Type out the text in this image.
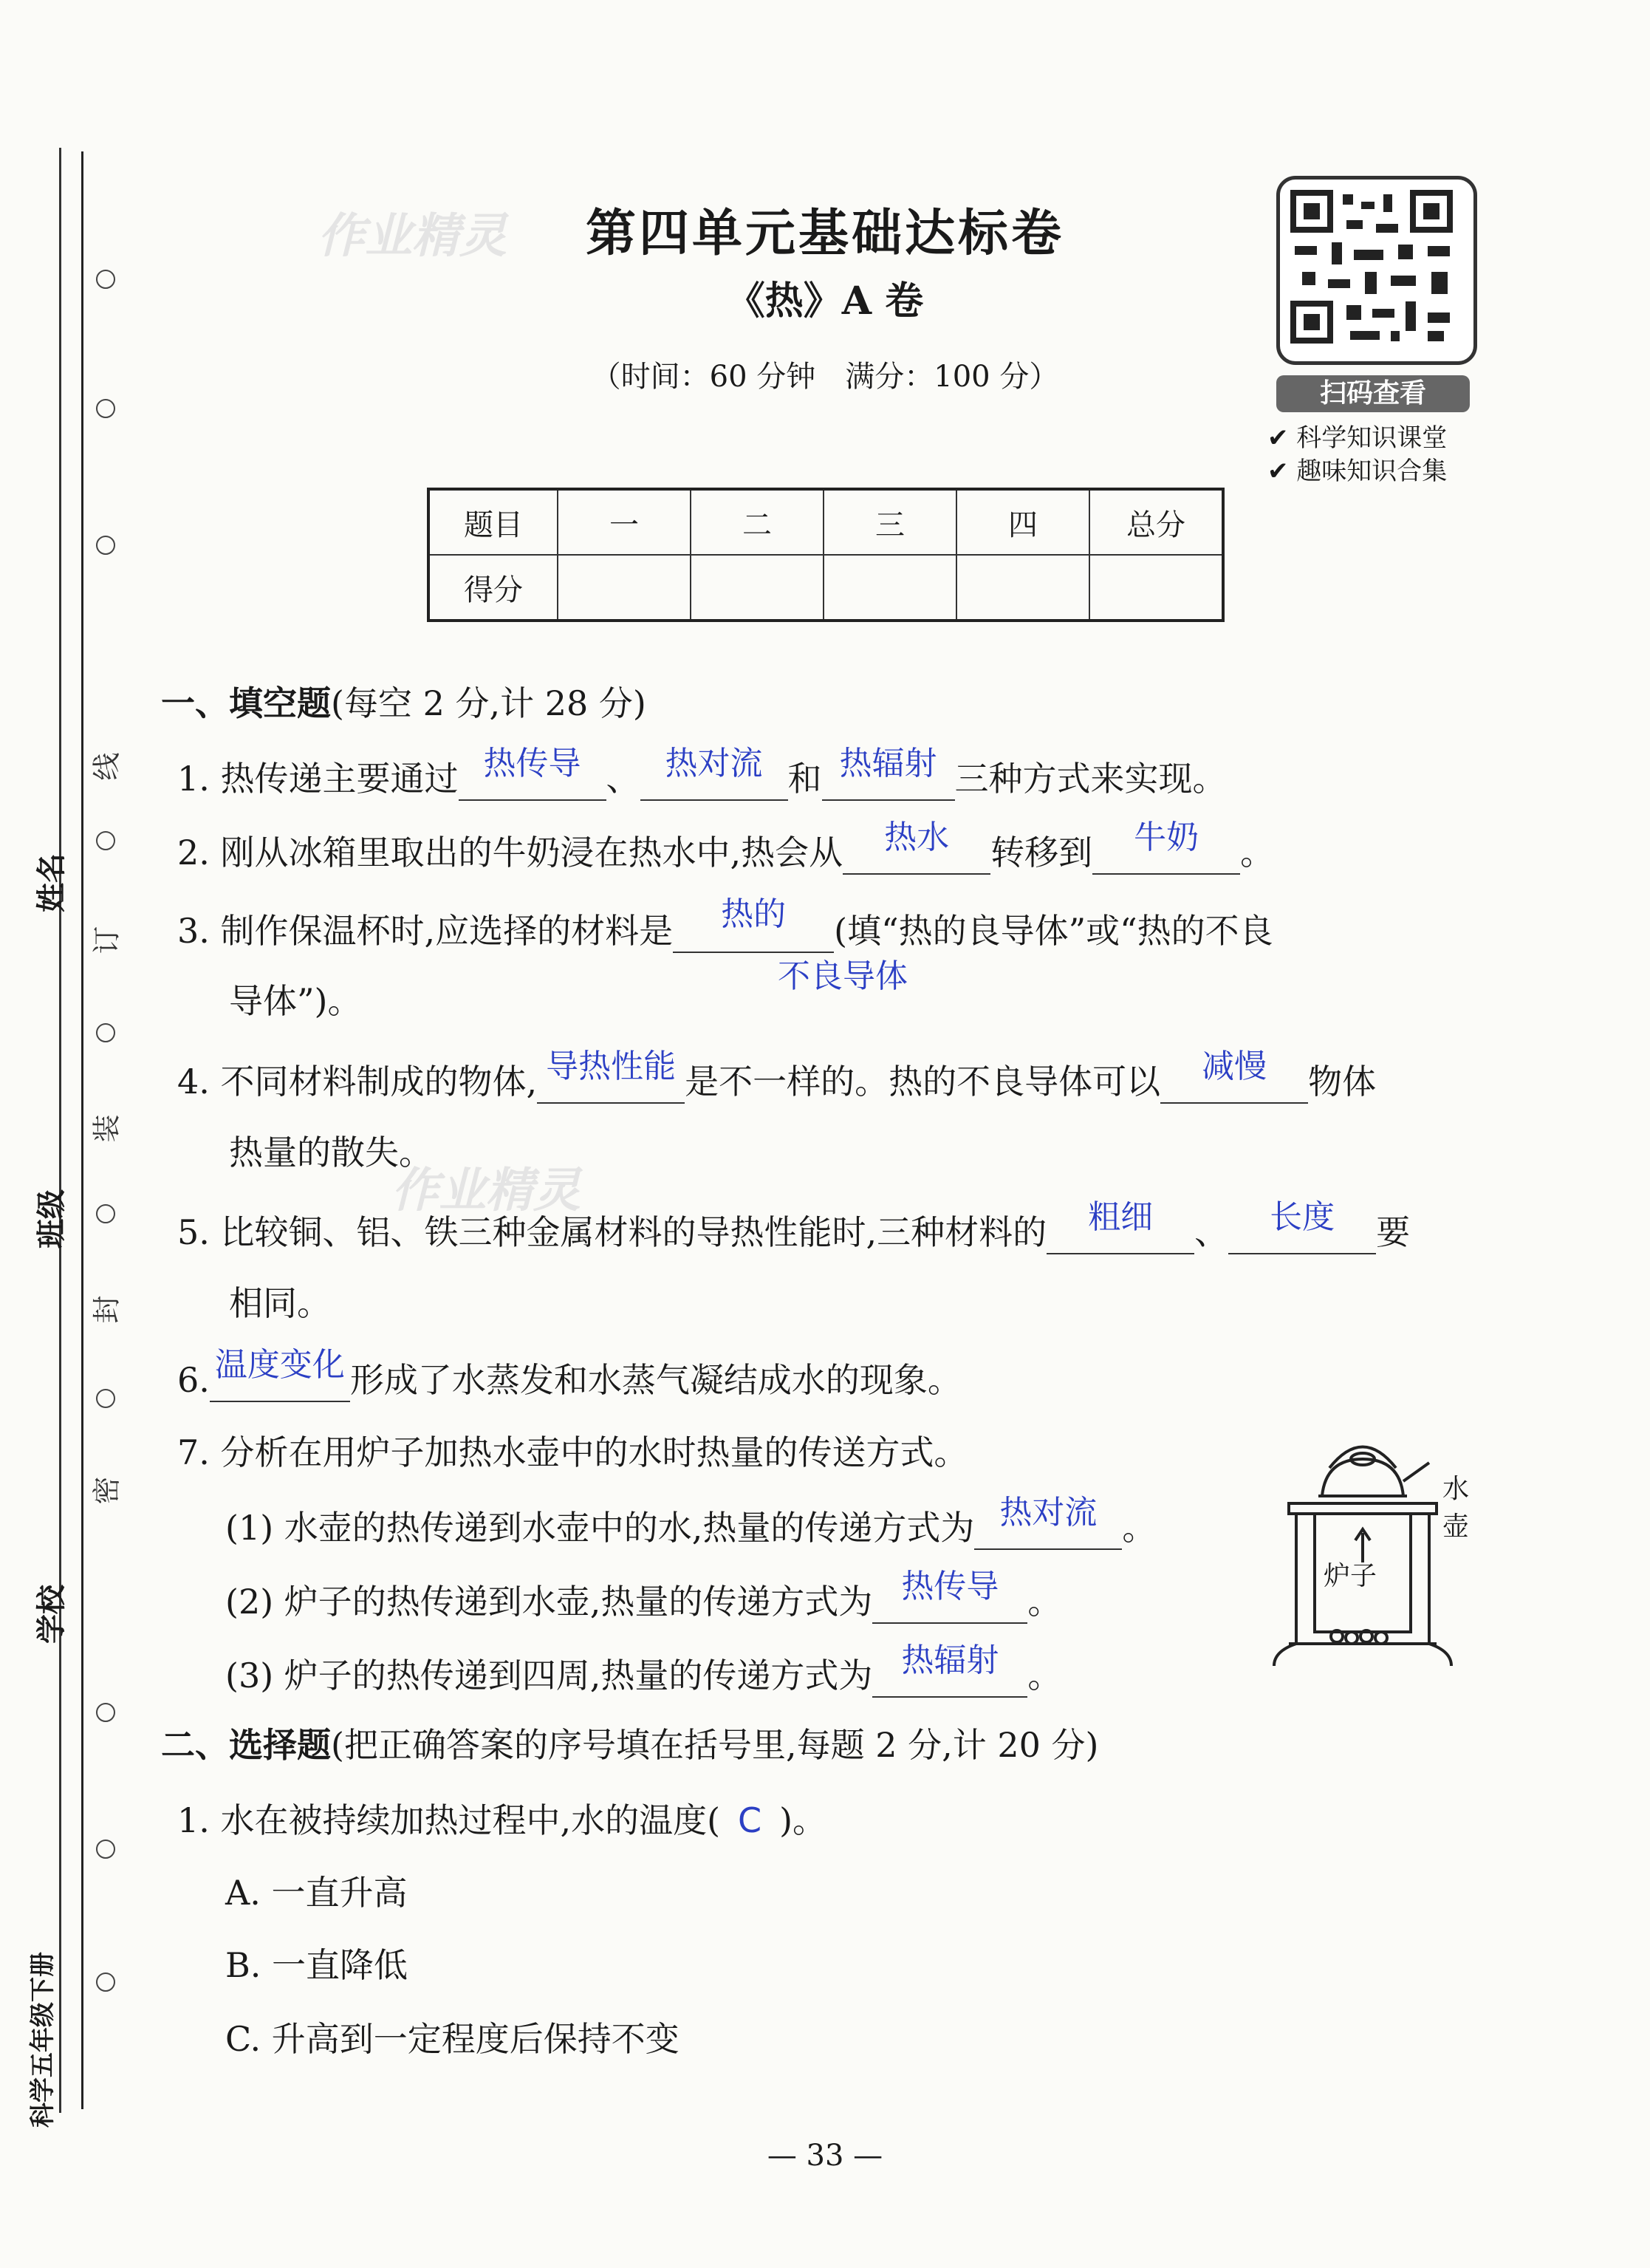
姓名
班级
学校
科学五年级下册
线
订
装
封
密
作业精灵	第四单元基础达标卷
《热》A 卷
（时间：60 分钟　满分：100 分）	扫码查看
✔ 科学知识课堂
✔ 趣味知识合集
题目	一	二	三	四	总分
得分					
一、填空题(每空 2 分,计 28 分)
1. 热传递主要通过 热传导 、 热对流 和 热辐射 三种方式来实现。
2. 刚从冰箱里取出的牛奶浸在热水中,热会从 热水 转移到 牛奶 。
3. 制作保温杯时,应选择的材料是 热的 (填“热的良导体”或“热的不良
不良导体
导体”)。
4. 不同材料制成的物体, 导热性能 是不一样的。热的不良导体可以 减慢 物体
热量的散失。
作业精灵
5. 比较铜、铝、铁三种金属材料的导热性能时,三种材料的 粗细 、 长度 要
相同。
6. 温度变化 形成了水蒸发和水蒸气凝结成水的现象。
7. 分析在用炉子加热水壶中的水时热量的传送方式。
(1) 水壶的热传递到水壶中的水,热量的传递方式为 热对流 。
(2) 炉子的热传递到水壶,热量的传递方式为 热传导 。
(3) 炉子的热传递到四周,热量的传递方式为 热辐射 。
水壶
炉子
二、选择题(把正确答案的序号填在括号里,每题 2 分,计 20 分)
1. 水在被持续加热过程中,水的温度( C )。
A. 一直升高
B. 一直降低
C. 升高到一定程度后保持不变
— 33 —
